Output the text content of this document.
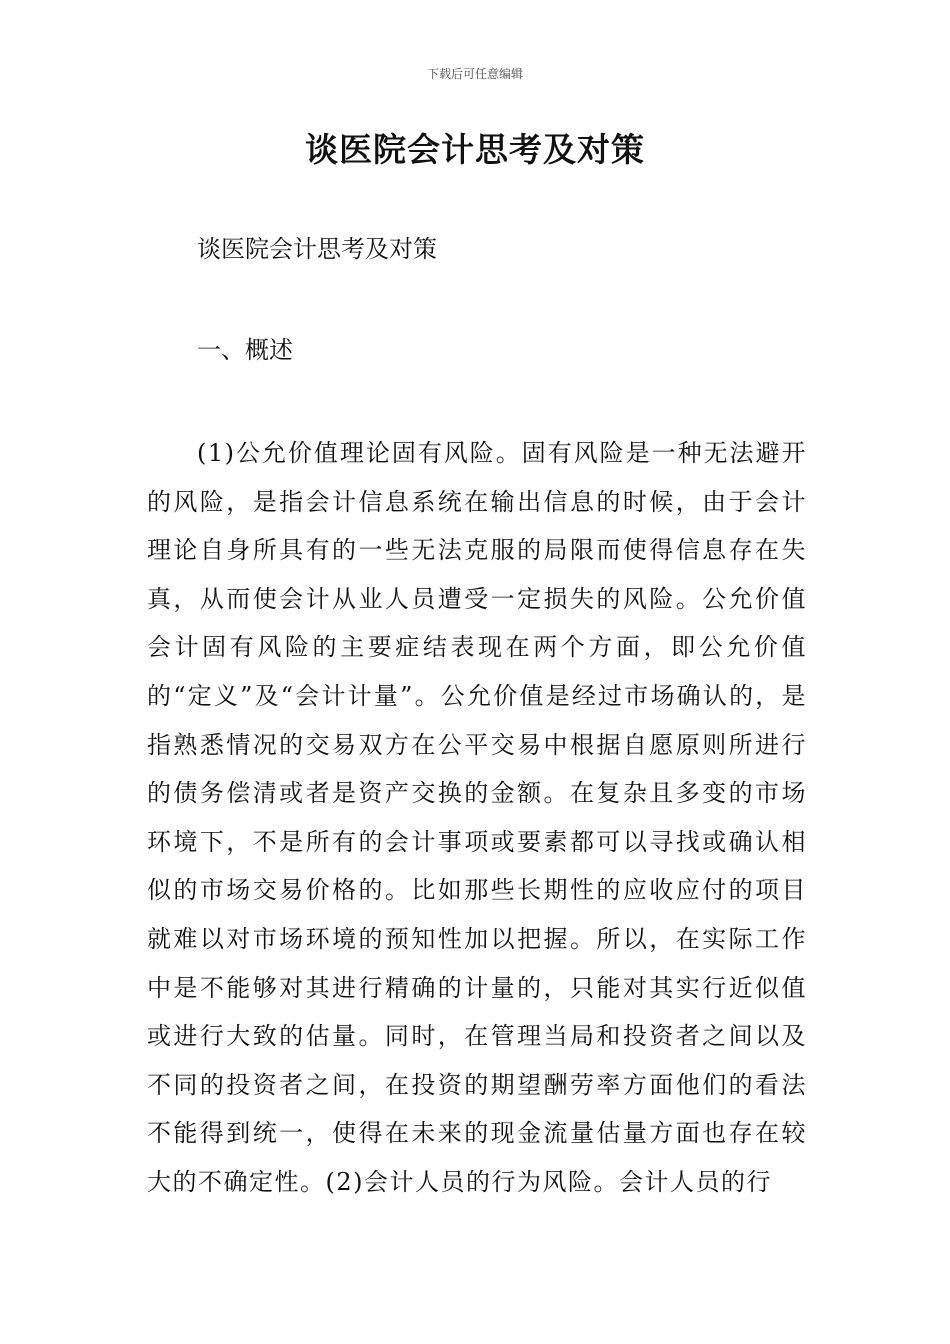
下载后可任意编辑
谈医院会计思考及对策
谈医院会计思考及对策
一、概述
(1)公允价值理论固有风险。固有风险是一种无法避开的风险，是指会计信息系统在输出信息的时候，由于会计理论自身所具有的一些无法克服的局限而使得信息存在失真，从而使会计从业人员遭受一定损失的风险。公允价值会计固有风险的主要症结表现在两个方面，即公允价值的“定义”及“会计计量”。公允价值是经过市场确认的，是指熟悉情况的交易双方在公平交易中根据自愿原则所进行的债务偿清或者是资产交换的金额。在复杂且多变的市场环境下，不是所有的会计事项或要素都可以寻找或确认相似的市场交易价格的。比如那些长期性的应收应付的项目就难以对市场环境的预知性加以把握。所以，在实际工作中是不能够对其进行精确的计量的，只能对其实行近似值或进行大致的估量。同时，在管理当局和投资者之间以及不同的投资者之间，在投资的期望酬劳率方面他们的看法不能得到统一，使得在未来的现金流量估量方面也存在较大的不确定性。(2)会计人员的行为风险。会计人员的行
